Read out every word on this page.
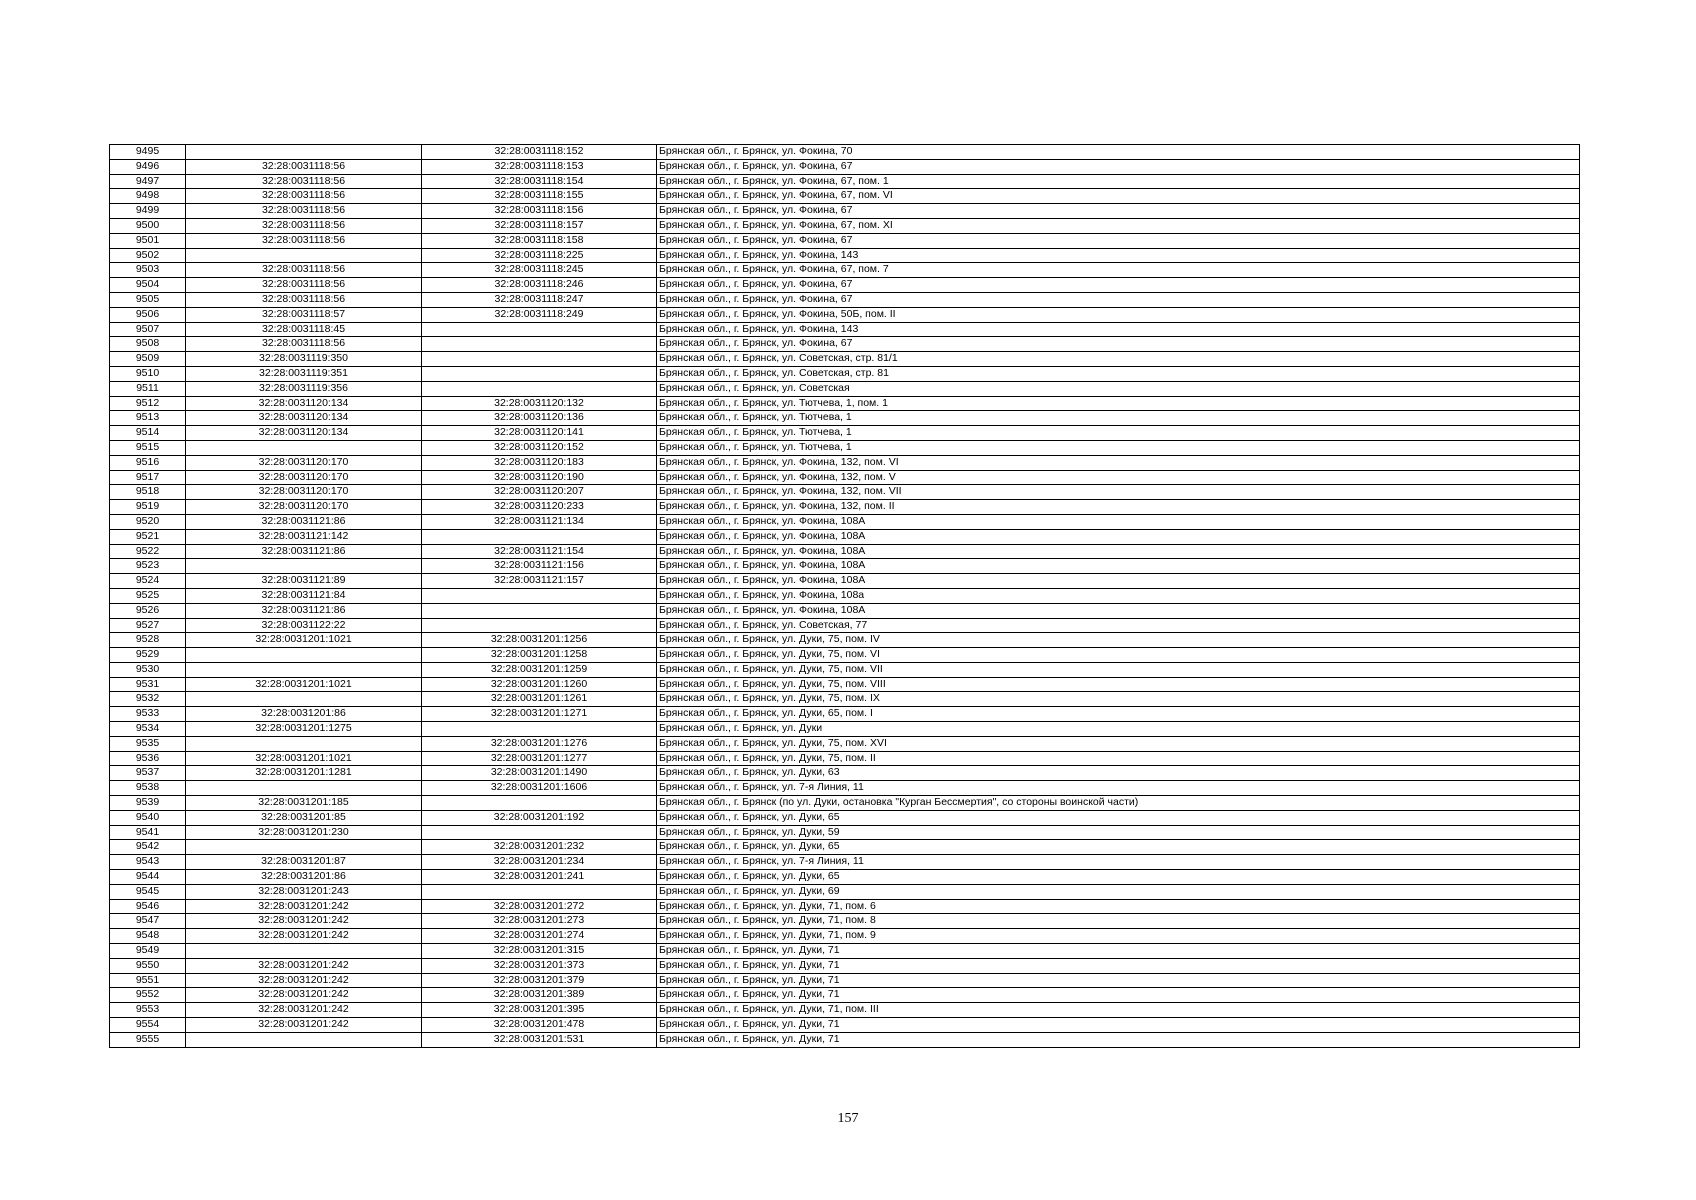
9495		32:28:0031118:152	Брянская обл., г. Брянск, ул. Фокина, 70
9496	32:28:0031118:56	32:28:0031118:153	Брянская обл., г. Брянск, ул. Фокина, 67
9497	32:28:0031118:56	32:28:0031118:154	Брянская обл., г. Брянск, ул. Фокина, 67, пом. 1
9498	32:28:0031118:56	32:28:0031118:155	Брянская обл., г. Брянск, ул. Фокина, 67, пом. VI
9499	32:28:0031118:56	32:28:0031118:156	Брянская обл., г. Брянск, ул. Фокина, 67
9500	32:28:0031118:56	32:28:0031118:157	Брянская обл., г. Брянск, ул. Фокина, 67, пом. XI
9501	32:28:0031118:56	32:28:0031118:158	Брянская обл., г. Брянск, ул. Фокина, 67
9502		32:28:0031118:225	Брянская обл., г. Брянск, ул. Фокина, 143
9503	32:28:0031118:56	32:28:0031118:245	Брянская обл., г. Брянск, ул. Фокина, 67, пом. 7
9504	32:28:0031118:56	32:28:0031118:246	Брянская обл., г. Брянск, ул. Фокина, 67
9505	32:28:0031118:56	32:28:0031118:247	Брянская обл., г. Брянск, ул. Фокина, 67
9506	32:28:0031118:57	32:28:0031118:249	Брянская обл., г. Брянск, ул. Фокина, 50Б, пом. II
9507	32:28:0031118:45		Брянская обл., г. Брянск, ул. Фокина, 143
9508	32:28:0031118:56		Брянская обл., г. Брянск, ул. Фокина, 67
9509	32:28:0031119:350		Брянская обл., г. Брянск, ул. Советская, стр. 81/1
9510	32:28:0031119:351		Брянская обл., г. Брянск, ул. Советская, стр. 81
9511	32:28:0031119:356		Брянская обл., г. Брянск, ул. Советская
9512	32:28:0031120:134	32:28:0031120:132	Брянская обл., г. Брянск, ул. Тютчева, 1, пом. 1
9513	32:28:0031120:134	32:28:0031120:136	Брянская обл., г. Брянск, ул. Тютчева, 1
9514	32:28:0031120:134	32:28:0031120:141	Брянская обл., г. Брянск, ул. Тютчева, 1
9515		32:28:0031120:152	Брянская обл., г. Брянск, ул. Тютчева, 1
9516	32:28:0031120:170	32:28:0031120:183	Брянская обл., г. Брянск, ул. Фокина, 132, пом. VI
9517	32:28:0031120:170	32:28:0031120:190	Брянская обл., г. Брянск, ул. Фокина, 132, пом. V
9518	32:28:0031120:170	32:28:0031120:207	Брянская обл., г. Брянск, ул. Фокина, 132, пом. VII
9519	32:28:0031120:170	32:28:0031120:233	Брянская обл., г. Брянск, ул. Фокина, 132, пом. II
9520	32:28:0031121:86	32:28:0031121:134	Брянская обл., г. Брянск, ул. Фокина, 108А
9521	32:28:0031121:142		Брянская обл., г. Брянск, ул. Фокина, 108А
9522	32:28:0031121:86	32:28:0031121:154	Брянская обл., г. Брянск, ул. Фокина, 108А
9523		32:28:0031121:156	Брянская обл., г. Брянск, ул. Фокина, 108А
9524	32:28:0031121:89	32:28:0031121:157	Брянская обл., г. Брянск, ул. Фокина, 108А
9525	32:28:0031121:84		Брянская обл., г. Брянск, ул. Фокина, 108а
9526	32:28:0031121:86		Брянская обл., г. Брянск, ул. Фокина, 108А
9527	32:28:0031122:22		Брянская обл., г. Брянск, ул. Советская, 77
9528	32:28:0031201:1021	32:28:0031201:1256	Брянская обл., г. Брянск, ул. Дуки, 75, пом. IV
9529		32:28:0031201:1258	Брянская обл., г. Брянск, ул. Дуки, 75, пом. VI
9530		32:28:0031201:1259	Брянская обл., г. Брянск, ул. Дуки, 75, пом. VII
9531	32:28:0031201:1021	32:28:0031201:1260	Брянская обл., г. Брянск, ул. Дуки, 75, пом. VIII
9532		32:28:0031201:1261	Брянская обл., г. Брянск, ул. Дуки, 75, пом. IX
9533	32:28:0031201:86	32:28:0031201:1271	Брянская обл., г. Брянск, ул. Дуки, 65, пом. I
9534	32:28:0031201:1275		Брянская обл., г. Брянск, ул. Дуки
9535		32:28:0031201:1276	Брянская обл., г. Брянск, ул. Дуки, 75, пом. XVI
9536	32:28:0031201:1021	32:28:0031201:1277	Брянская обл., г. Брянск, ул. Дуки, 75, пом. II
9537	32:28:0031201:1281	32:28:0031201:1490	Брянская обл., г. Брянск, ул. Дуки, 63
9538		32:28:0031201:1606	Брянская обл., г. Брянск, ул. 7-я Линия, 11
9539	32:28:0031201:185		Брянская обл., г. Брянск (по ул. Дуки, остановка "Курган Бессмертия", со стороны воинской части)
9540	32:28:0031201:85	32:28:0031201:192	Брянская обл., г. Брянск, ул. Дуки, 65
9541	32:28:0031201:230		Брянская обл., г. Брянск, ул. Дуки, 59
9542		32:28:0031201:232	Брянская обл., г. Брянск, ул. Дуки, 65
9543	32:28:0031201:87	32:28:0031201:234	Брянская обл., г. Брянск, ул. 7-я Линия, 11
9544	32:28:0031201:86	32:28:0031201:241	Брянская обл., г. Брянск, ул. Дуки, 65
9545	32:28:0031201:243		Брянская обл., г. Брянск, ул. Дуки, 69
9546	32:28:0031201:242	32:28:0031201:272	Брянская обл., г. Брянск, ул. Дуки, 71, пом. 6
9547	32:28:0031201:242	32:28:0031201:273	Брянская обл., г. Брянск, ул. Дуки, 71, пом. 8
9548	32:28:0031201:242	32:28:0031201:274	Брянская обл., г. Брянск, ул. Дуки, 71, пом. 9
9549		32:28:0031201:315	Брянская обл., г. Брянск, ул. Дуки, 71
9550	32:28:0031201:242	32:28:0031201:373	Брянская обл., г. Брянск, ул. Дуки, 71
9551	32:28:0031201:242	32:28:0031201:379	Брянская обл., г. Брянск, ул. Дуки, 71
9552	32:28:0031201:242	32:28:0031201:389	Брянская обл., г. Брянск, ул. Дуки, 71
9553	32:28:0031201:242	32:28:0031201:395	Брянская обл., г. Брянск, ул. Дуки, 71, пом. III
9554	32:28:0031201:242	32:28:0031201:478	Брянская обл., г. Брянск, ул. Дуки, 71
9555		32:28:0031201:531	Брянская обл., г. Брянск, ул. Дуки, 71
157
